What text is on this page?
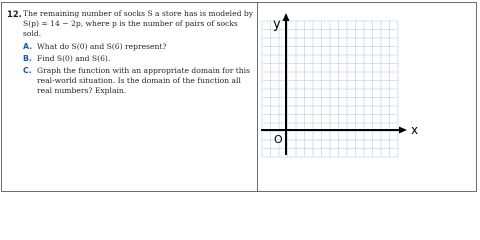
12. The remaining number of socks S a store has is modeled by S(p) = 14 − 2p, where p is the number of pairs of socks sold.
A. What do S(0) and S(6) represent?
B. Find S(0) and S(6).
C. Graph the function with an appropriate domain for this real-world situation. Is the domain of the function all real numbers? Explain.
y
x
O
